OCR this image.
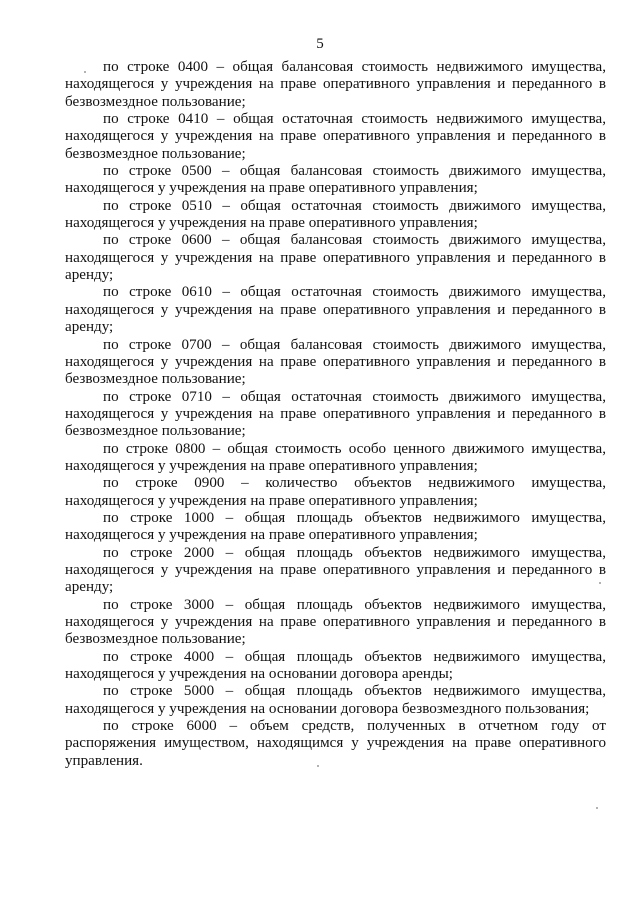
5

по строке 0400 – общая балансовая стоимость недвижимого имущества, находящегося у учреждения на праве оперативного управления и переданного в безвозмездное пользование;

по строке 0410 – общая остаточная стоимость недвижимого имущества, находящегося у учреждения на праве оперативного управления и переданного в безвозмездное пользование;

по строке 0500 – общая балансовая стоимость движимого имущества, находящегося у учреждения на праве оперативного управления;

по строке 0510 – общая остаточная стоимость движимого имущества, находящегося у учреждения на праве оперативного управления;

по строке 0600 – общая балансовая стоимость движимого имущества, находящегося у учреждения на праве оперативного управления и переданного в аренду;

по строке 0610 – общая остаточная стоимость движимого имущества, находящегося у учреждения на праве оперативного управления и переданного в аренду;

по строке 0700 – общая балансовая стоимость движимого имущества, находящегося у учреждения на праве оперативного управления и переданного в безвозмездное пользование;

по строке 0710 – общая остаточная стоимость движимого имущества, находящегося у учреждения на праве оперативного управления и переданного в безвозмездное пользование;

по строке 0800 – общая стоимость особо ценного движимого имущества, находящегося у учреждения на праве оперативного управления;

по строке 0900 – количество объектов недвижимого имущества, находящегося у учреждения на праве оперативного управления;

по строке 1000 – общая площадь объектов недвижимого имущества, находящегося у учреждения на праве оперативного управления;

по строке 2000 – общая площадь объектов недвижимого имущества, находящегося у учреждения на праве оперативного управления и переданного в аренду;

по строке 3000 – общая площадь объектов недвижимого имущества, находящегося у учреждения на праве оперативного управления и переданного в безвозмездное пользование;

по строке 4000 – общая площадь объектов недвижимого имущества, находящегося у учреждения на основании договора аренды;

по строке 5000 – общая площадь объектов недвижимого имущества, находящегося у учреждения на основании договора безвозмездного пользования;

по строке 6000 – объем средств, полученных в отчетном году от распоряжения имуществом, находящимся у учреждения на праве оперативного управления.
